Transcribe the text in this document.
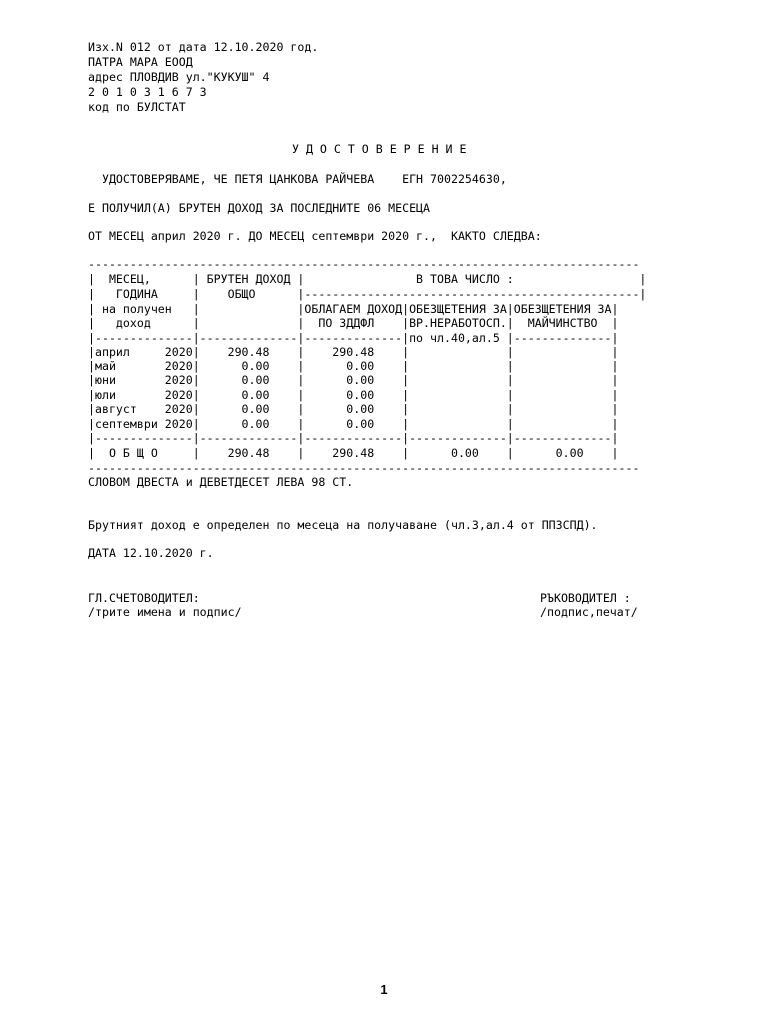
Изх.N 012 от дата 12.10.2020 год.
ПАТРА МАРА ЕООД
адрес ПЛОВДИВ ул."КУКУШ" 4
2 0 1 0 3 1 6 7 3
код по БУЛСТАТ
У Д О С Т О В Е Р Е Н И Е
УДОСТОВЕРЯВАМЕ, ЧЕ ПЕТЯ ЦАНКОВА РАЙЧЕВА    ЕГН 7002254630,
Е ПОЛУЧИЛ(А) БРУТЕН ДОХОД ЗА ПОСЛЕДНИТЕ 06 МЕСЕЦА
ОТ МЕСЕЦ април 2020 г. ДО МЕСЕЦ септември 2020 г.,  КАКТО СЛЕДВА:
-------------------------------------------------------------------------------
|  МЕСЕЦ,      | БРУТЕН ДОХОД |                В ТОВА ЧИСЛО :                  |
|   ГОДИНА     |    ОБЩО      |------------------------------------------------|
| на получен   |              |ОБЛАГАЕМ ДОХОД|ОБЕЗЩЕТЕНИЯ ЗА|ОБЕЗЩЕТЕНИЯ ЗА|
|   доход      |              |  ПО ЗДДФЛ    |ВР.НЕРАБОТОСП.|  МАЙЧИНСТВО  |
|--------------|--------------|--------------|по чл.40,ал.5 |--------------|
|април     2020|    290.48    |    290.48    |              |              |
|май       2020|      0.00    |      0.00    |              |              |
|юни       2020|      0.00    |      0.00    |              |              |
|юли       2020|      0.00    |      0.00    |              |              |
|август    2020|      0.00    |      0.00    |              |              |
|септември 2020|      0.00    |      0.00    |              |              |
|--------------|--------------|--------------|--------------|--------------|
|  О Б Щ О     |    290.48    |    290.48    |      0.00    |      0.00    |
-------------------------------------------------------------------------------
СЛОВОМ ДВЕСТА и ДЕВЕТДЕСЕТ ЛЕВА 98 СТ.
Брутният доход е определен по месеца на получаване (чл.3,ал.4 от ППЗСПД).
ДАТА 12.10.2020 г.
ГЛ.СЧЕТОВОДИТЕЛ:
/трите имена и подпис/
РЪКОВОДИТЕЛ :
/подпис,печат/
1
